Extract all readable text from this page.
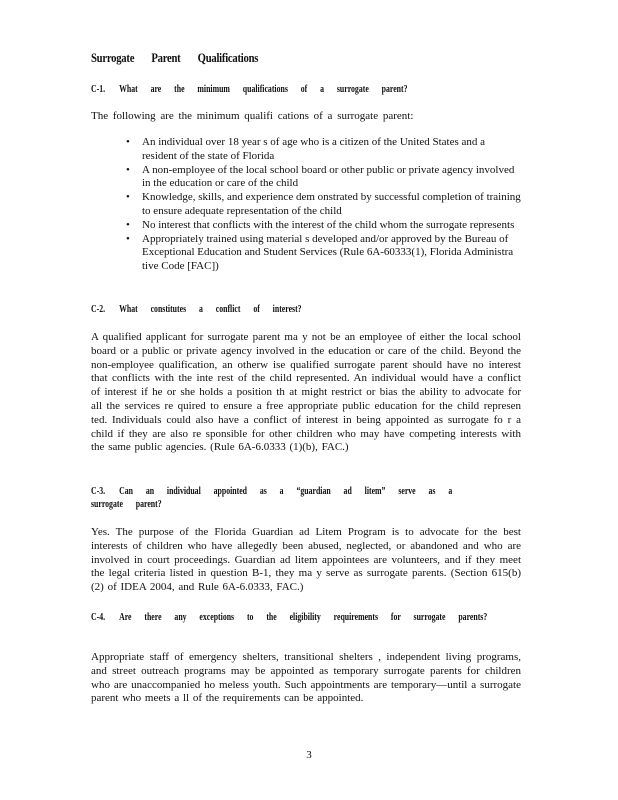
Surrogate Parent Qualifications
C-1. What are the minimum qualifications of a surrogate parent?
The following are the minimum qualifi cations of a surrogate parent:
• An individual over 18 year s of age who is a citizen of the United States and a resident of the state of Florida
• A non-employee of the local school board or other public or private agency involved in the education or care of the child
• Knowledge, skills, and experience dem onstrated by successful completion of training to ensure adequate representation of the child
• No interest that conflicts with the interest of the child whom the surrogate represents
• Appropriately trained using material s developed and/or approved by the Bureau of Exceptional Education and Student Services (Rule 6A-60333(1), Florida Administra tive Code [FAC])
C-2. What constitutes a conflict of interest?
A qualified applicant for surrogate parent ma y not be an employee of either the local school board or a public or private agency involved in the education or care of the child. Beyond the non-employee qualification, an otherw ise qualified surrogate parent should have no interest that conflicts with the inte rest of the child represented. An individual would have a conflict of interest if he or she holds a position th at might restrict or bias the ability to advocate for all the services re quired to ensure a free appropriate public education for the child represen ted. Individuals could also have a conflict of interest in being appointed as surrogate fo r a child if they are also re sponsible for other children who may have competing interests with the same public agencies. (Rule 6A-6.0333 (1)(b), FAC.)
C-3. Can an individual appointed as a “guardian ad litem” serve as a surrogate parent?
Yes. The purpose of the Florida Guardian ad Litem Program is to advocate for the best interests of children who have allegedly been abused, neglected, or abandoned and who are involved in court proceedings. Guardian ad litem appointees are volunteers, and if they meet the legal criteria listed in question B-1, they ma y serve as surrogate parents. (Section 615(b)(2) of IDEA 2004, and Rule 6A-6.0333, FAC.)
C-4. Are there any exceptions to the eligibility requirements for surrogate parents?
Appropriate staff of emergency shelters, transitional shelters , independent living programs, and street outreach programs may be appointed as temporary surrogate parents for children who are unaccompanied ho meless youth. Such appointments are temporary—until a surrogate parent who meets a ll of the requirements can be appointed.
3
